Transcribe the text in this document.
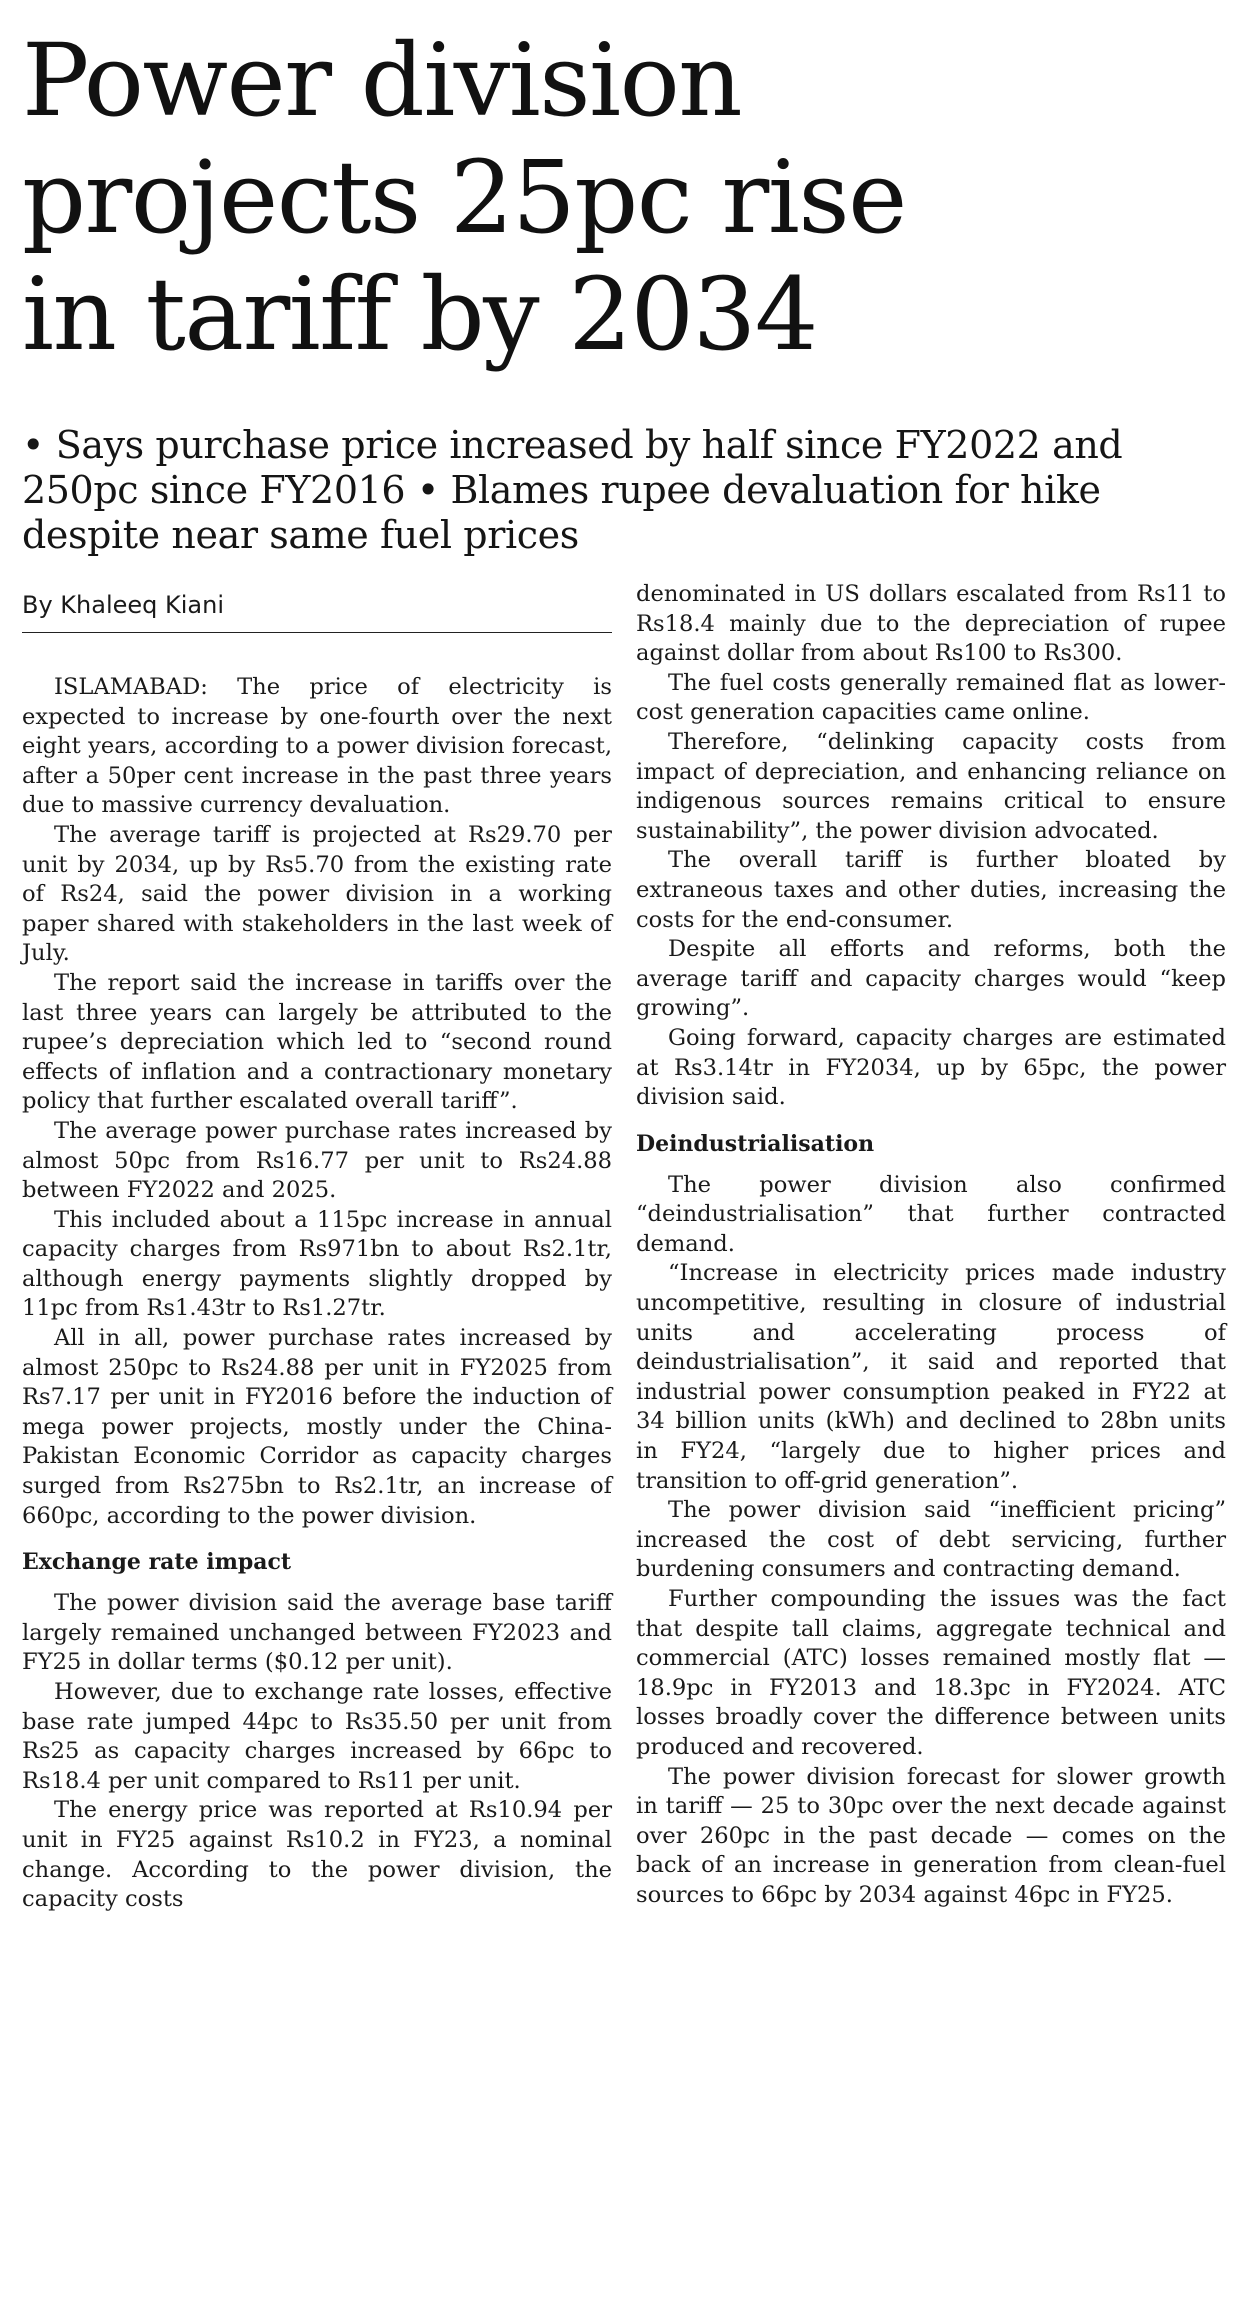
Power division
projects 25pc rise
in tariff by 2034
• Says purchase price increased by half since FY2022 and
250pc since FY2016 • Blames rupee devaluation for hike
despite near same fuel prices
By Khaleeq Kiani

ISLAMABAD: The price of electricity is expected to increase by one-fourth over the next eight years, according to a power division forecast, after a 50per cent increase in the past three years due to massive currency devaluation.

The average tariff is projected at Rs29.70 per unit by 2034, up by Rs5.70 from the existing rate of Rs24, said the power division in a working paper shared with stakeholders in the last week of July.

The report said the increase in tariffs over the last three years can largely be attributed to the rupee’s depreciation which led to “second round effects of inflation and a contractionary monetary policy that further escalated overall tariff”.

The average power purchase rates increased by almost 50pc from Rs16.77 per unit to Rs24.88 between FY2022 and 2025.

This included about a 115pc increase in annual capacity charges from Rs971bn to about Rs2.1tr, although energy payments slightly dropped by 11pc from Rs1.43tr to Rs1.27tr.

All in all, power purchase rates increased by almost 250pc to Rs24.88 per unit in FY2025 from Rs7.17 per unit in FY2016 before the induction of mega power projects, mostly under the China-Pakistan Economic Corridor as capacity charges surged from Rs275bn to Rs2.1tr, an increase of 660pc, according to the power division.

Exchange rate impact

The power division said the average base tariff largely remained unchanged between FY2023 and FY25 in dollar terms ($0.12 per unit).

However, due to exchange rate losses, effective base rate jumped 44pc to Rs35.50 per unit from Rs25 as capacity charges increased by 66pc to Rs18.4 per unit compared to Rs11 per unit.

The energy price was reported at Rs10.94 per unit in FY25 against Rs10.2 in FY23, a nominal change. According to the power division, the capacity costs

denominated in US dollars escalated from Rs11 to Rs18.4 mainly due to the depreciation of rupee against dollar from about Rs100 to Rs300.

The fuel costs generally remained flat as lower-cost generation capacities came online.

Therefore, “delinking capacity costs from impact of depreciation, and enhancing reliance on indigenous sources remains critical to ensure sustainability”, the power division advocated.

The overall tariff is further bloated by extraneous taxes and other duties, increasing the costs for the end-consumer.

Despite all efforts and reforms, both the average tariff and capacity charges would “keep growing”.

Going forward, capacity charges are estimated at Rs3.14tr in FY2034, up by 65pc, the power division said.

Deindustrialisation

The power division also confirmed “deindustrialisation” that further contracted demand.

“Increase in electricity prices made industry uncompetitive, resulting in closure of industrial units and accelerating process of deindustrialisation”, it said and reported that industrial power consumption peaked in FY22 at 34 billion units (kWh) and declined to 28bn units in FY24, “largely due to higher prices and transition to off-grid generation”.

The power division said “inefficient pricing” increased the cost of debt servicing, further burdening consumers and contracting demand.

Further compounding the issues was the fact that despite tall claims, aggregate technical and commercial (ATC) losses remained mostly flat — 18.9pc in FY2013 and 18.3pc in FY2024. ATC losses broadly cover the difference between units produced and recovered.

The power division forecast for slower growth in tariff — 25 to 30pc over the next decade against over 260pc in the past decade — comes on the back of an increase in generation from clean-fuel sources to 66pc by 2034 against 46pc in FY25.
